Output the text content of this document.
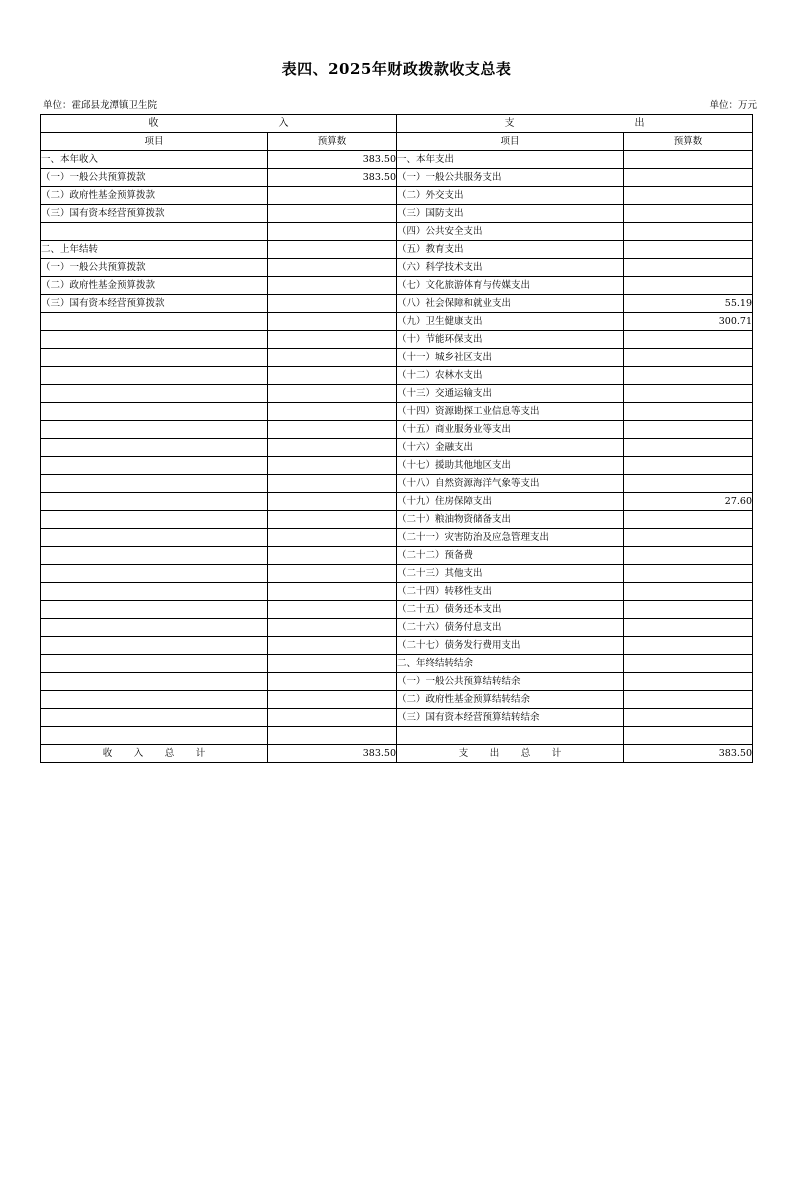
表四、2025年财政拨款收支总表
单位：霍邱县龙潭镇卫生院	单位：万元
收　　　　入		支　　　　出	
项目	预算数	项目	预算数
一、本年收入	383.50	一、本年支出	
（一）一般公共预算拨款	383.50	（一）一般公共服务支出	
（二）政府性基金预算拨款		（二）外交支出	
（三）国有资本经营预算拨款		（三）国防支出	
		（四）公共安全支出	
二、上年结转		（五）教育支出	
（一）一般公共预算拨款		（六）科学技术支出	
（二）政府性基金预算拨款		（七）文化旅游体育与传媒支出	
（三）国有资本经营预算拨款		（八）社会保障和就业支出	55.19
		（九）卫生健康支出	300.71
		（十）节能环保支出	
		（十一）城乡社区支出	
		（十二）农林水支出	
		（十三）交通运输支出	
		（十四）资源勘探工业信息等支出	
		（十五）商业服务业等支出	
		（十六）金融支出	
		（十七）援助其他地区支出	
		（十八）自然资源海洋气象等支出	
		（十九）住房保障支出	27.60
		（二十）粮油物资储备支出	
		（二十一）灾害防治及应急管理支出	
		（二十二）预备费	
		（二十三）其他支出	
		（二十四）转移性支出	
		（二十五）债务还本支出	
		（二十六）债务付息支出	
		（二十七）债务发行费用支出	
		二、年终结转结余	
		（一）一般公共预算结转结余	
		（二）政府性基金预算结转结余	
		（三）国有资本经营预算结转结余	

收　入　总　计	383.50	支　出　总　计	383.50
